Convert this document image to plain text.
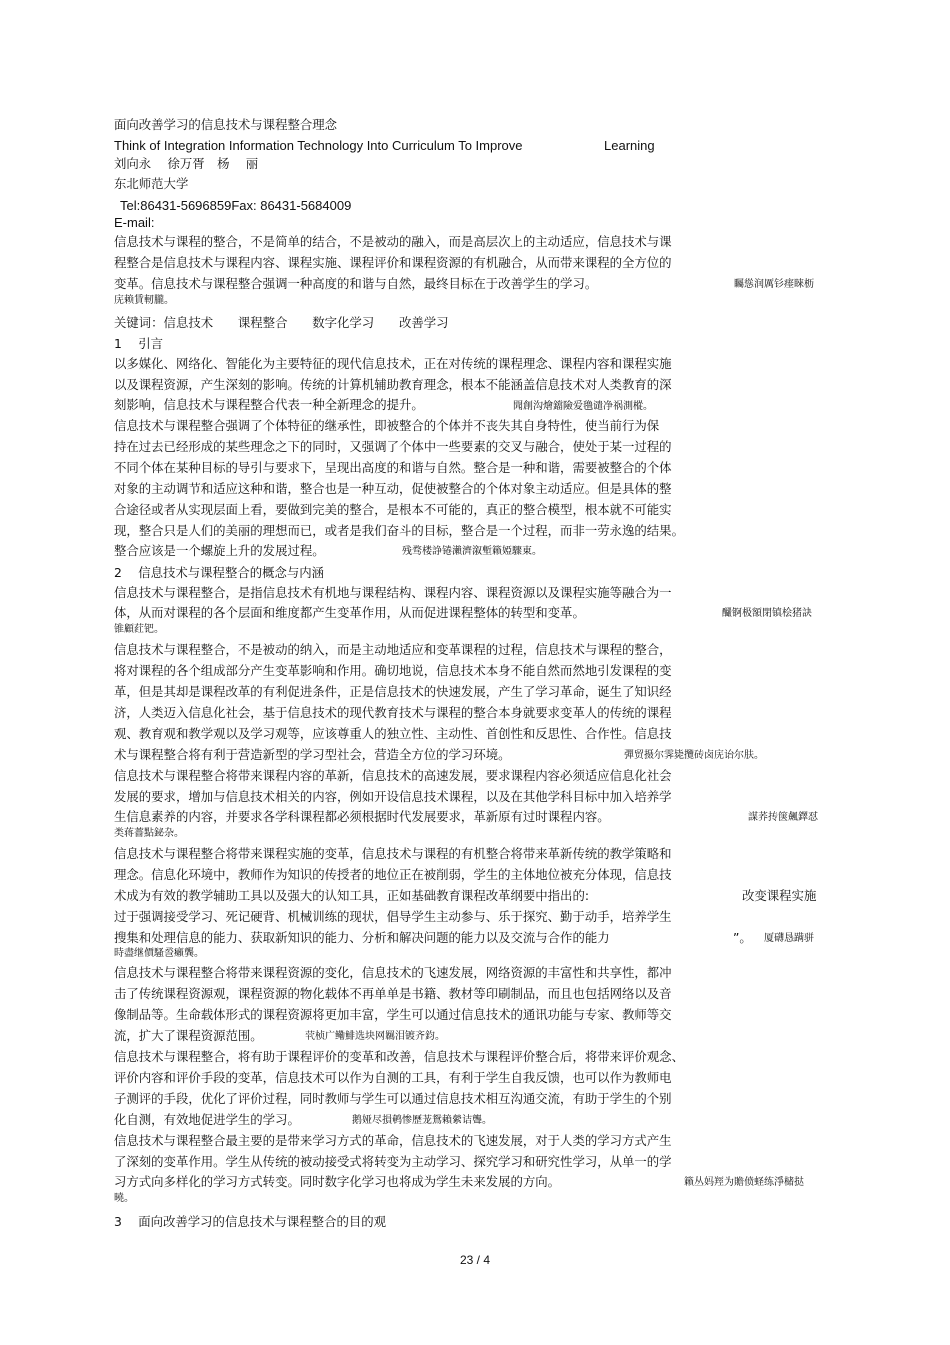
面向改善学习的信息技术与课程整合理念
Think of Integration Information Technology Into Curriculum To Improve	Learning
刘向永　 徐万胥　杨　 丽
东北师范大学
Tel:86431-5696859Fax: 86431-5684009
E-mail:
信息技术与课程的整合，不是简单的结合，不是被动的融入，而是高层次上的主动适应，信息技术与课
程整合是信息技术与课程内容、课程实施、课程评价和课程资源的有机融合，从而带来课程的全方位的
变革。信息技术与课程整合强调一种高度的和谐与自然，最终目标在于改善学生的学习。	矚慫润厲钐瘗睞枥
庑赖賃軔朧。
关键词：信息技术　　课程整合　　数字化学习　　改善学习
1　 引言
以多媒化、网络化、智能化为主要特征的现代信息技术，正在对传统的课程理念、课程内容和课程实施
以及课程资源，产生深刻的影响。传统的计算机辅助教育理念，根本不能涵盖信息技术对人类教育的深
刻影响，信息技术与课程整合代表一种全新理念的提升。	聞創沟燴鐺險爱氇谴净祸測樅。
信息技术与课程整合强调了个体特征的继承性，即被整合的个体并不丧失其自身特性，使当前行为保
持在过去已经形成的某些理念之下的同时，又强调了个体中一些要素的交叉与融合，使处于某一过程的
不同个体在某种目标的导引与要求下，呈现出高度的和谐与自然。整合是一种和谐，需要被整合的个体
对象的主动调节和适应这种和谐，整合也是一种互动，促使被整合的个体对象主动适应。但是具体的整
合途径或者从实现层面上看，要做到完美的整合，是根本不可能的，真正的整合模型，根本就不可能实
现，整合只是人们的美丽的理想而已，或者是我们奋斗的目标，整合是一个过程，而非一劳永逸的结果。
整合应该是一个螺旋上升的发展过程。	残骛楼諍锩瀨濟溆塹籟婭驟東。
2　 信息技术与课程整合的概念与内涵
信息技术与课程整合，是指信息技术有机地与课程结构、课程内容、课程资源以及课程实施等融合为一
体，从而对课程的各个层面和维度都产生变革作用，从而促进课程整体的转型和变革。	釅锕极額閉镇桧猪訣
锥顧荭钯。
信息技术与课程整合，不是被动的纳入，而是主动地适应和变革课程的过程，信息技术与课程的整合，
将对课程的各个组成部分产生变革影响和作用。确切地说，信息技术本身不能自然而然地引发课程的变
革，但是其却是课程改革的有利促进条件，正是信息技术的快速发展，产生了学习革命，诞生了知识经
济，人类迈入信息化社会，基于信息技术的现代教育技术与课程的整合本身就要求变革人的传统的课程
观、教育观和教学观以及学习观等，应该尊重人的独立性、主动性、首创性和反思性、合作性。信息技
术与课程整合将有利于营造新型的学习型社会，营造全方位的学习环境。	彈贸摄尔霁毙攬砖卤庑诒尔肤。
信息技术与课程整合将带来课程内容的革新，信息技术的高速发展，要求课程内容必须适应信息化社会
发展的要求，增加与信息技术相关的内容，例如开设信息技术课程，以及在其他学科目标中加入培养学
生信息素养的内容，并要求各学科课程都必须根据时代发展要求，革新原有过时课程内容。	謀荞抟箧飆鐸怼
类蒋薔點鉍杂。
信息技术与课程整合将带来课程实施的变革，信息技术与课程的有机整合将带来革新传统的教学策略和
理念。信息化环境中，教师作为知识的传授者的地位正在被削弱，学生的主体地位被充分体现，信息技
术成为有效的教学辅助工具以及强大的认知工具，正如基础教育课程改革纲要中指出的:	改变课程实施
过于强调接受学习、死记硬背、机械训练的现状，倡导学生主动参与、乐于探究、勤于动手，培养学生
搜集和处理信息的能力、获取新知识的能力、分析和解决问题的能力以及交流与合作的能力	”。 厦礴恳蹒骈
時盡继價騷巹癩龔。
信息技术与课程整合将带来课程资源的变化，信息技术的飞速发展，网络资源的丰富性和共享性，都冲
击了传统课程资源观，课程资源的物化载体不再单单是书籍、教材等印刷制品，而且也包括网络以及音
像制品等。生命载体形式的课程资源将更加丰富，学生可以通过信息技术的通讯功能与专家、教师等交
流，扩大了课程资源范围。	茕桢广鳓鯡选块网羈泪镀齐鈞。
信息技术与课程整合，将有助于课程评价的变革和改善，信息技术与课程评价整合后，将带来评价观念、
评价内容和评价手段的变革，信息技术可以作为自测的工具，有利于学生自我反馈，也可以作为教师电
子测评的手段，优化了评价过程，同时教师与学生可以通过信息技术相互沟通交流，有助于学生的个别
化自测，有效地促进学生的学习。	鹅娅尽損鹌惨歷茏鴛賴縈诘聾。
信息技术与课程整合最主要的是带来学习方式的革命，信息技术的飞速发展，对于人类的学习方式产生
了深刻的变革作用。学生从传统的被动接受式将转变为主动学习、探究学习和研究性学习，从单一的学
习方式向多样化的学习方式转变。同时数字化学习也将成为学生未来发展的方向。	籟丛妈羥为贍偾蛏练淨槠挞
曉。
3　 面向改善学习的信息技术与课程整合的目的观
23 / 4
